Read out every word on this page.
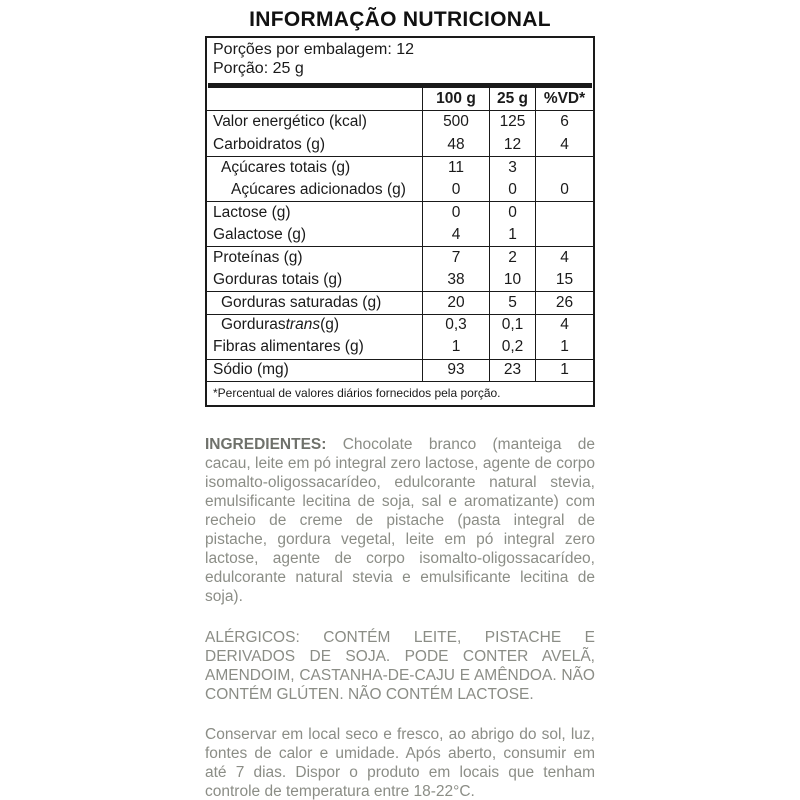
INFORMAÇÃO NUTRICIONAL
Porções por embalagem: 12
Porção: 25 g
100 g	25 g	%VD*
Valor energético (kcal)	500	125	6
Carboidratos (g)	48	12	4
Açúcares totais (g)	11	3
Açúcares adicionados (g)	0	0	0
Lactose (g)	0	0
Galactose (g)	4	1
Proteínas (g)	7	2	4
Gorduras totais (g)	38	10	15
Gorduras saturadas (g)	20	5	26
Gorduras trans (g)	0,3	0,1	4
Fibras alimentares (g)	1	0,2	1
Sódio (mg)	93	23	1
*Percentual de valores diários fornecidos pela porção.
INGREDIENTES: Chocolate branco (manteiga de cacau, leite em pó integral zero lactose, agente de corpo isomalto-oligossacarídeo, edulcorante natural stevia, emulsificante lecitina de soja, sal e aromatizante) com recheio de creme de pistache (pasta integral de pistache, gordura vegetal, leite em pó integral zero lactose, agente de corpo isomalto-oligossacarídeo, edulcorante natural stevia e emulsificante lecitina de soja).
ALÉRGICOS: CONTÉM LEITE, PISTACHE E DERIVADOS DE SOJA. PODE CONTER AVELÃ, AMENDOIM, CASTANHA-DE-CAJU E AMÊNDOA. NÃO CONTÉM GLÚTEN. NÃO CONTÉM LACTOSE.
Conservar em local seco e fresco, ao abrigo do sol, luz, fontes de calor e umidade. Após aberto, consumir em até 7 dias. Dispor o produto em locais que tenham controle de temperatura entre 18-22°C.
